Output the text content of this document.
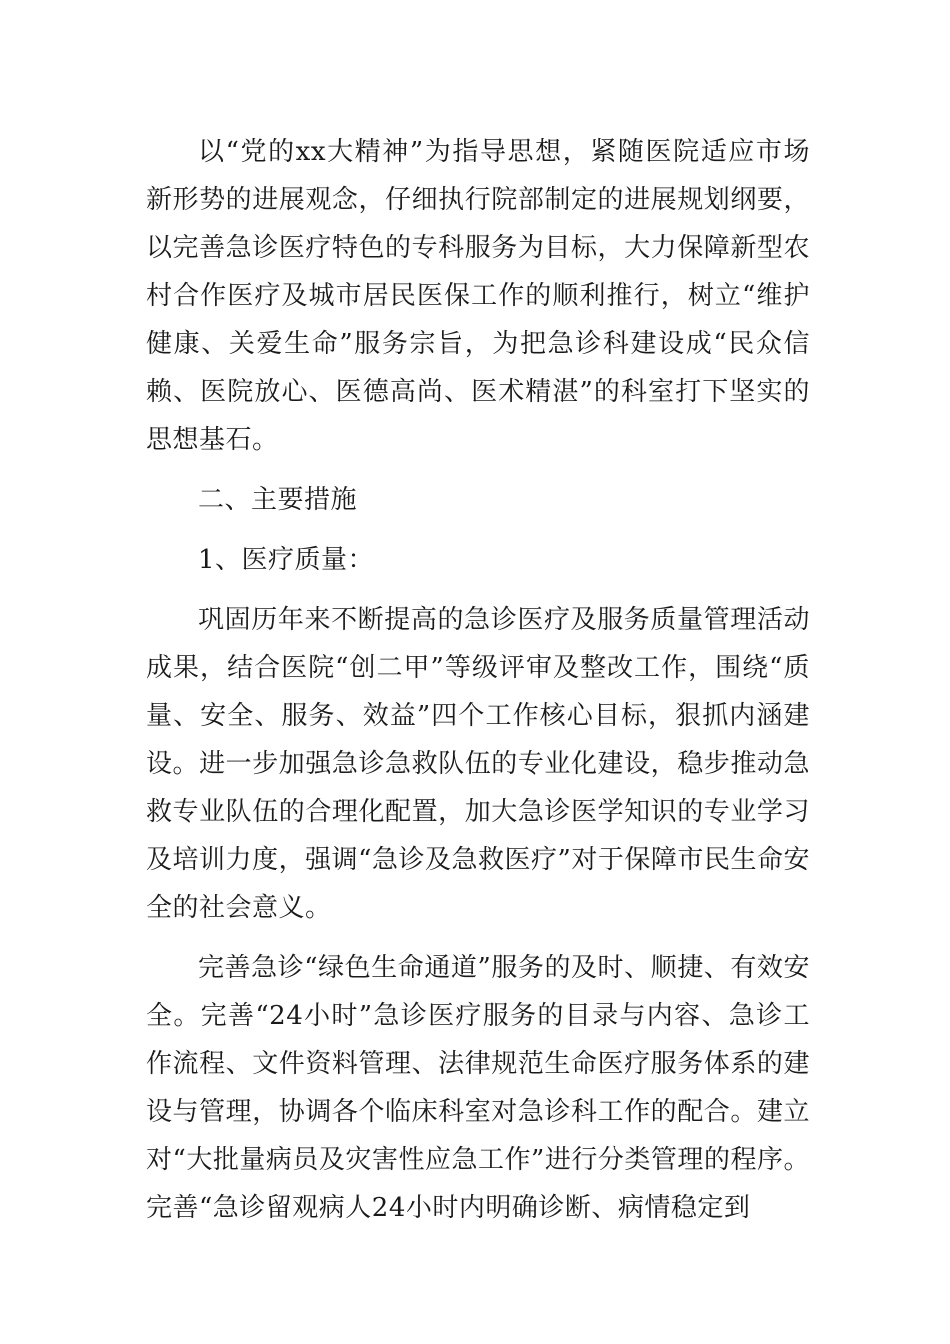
以“党的xx大精神”为指导思想，紧随医院适应市场新形势的进展观念，仔细执行院部制定的进展规划纲要，以完善急诊医疗特色的专科服务为目标，大力保障新型农村合作医疗及城市居民医保工作的顺利推行，树立“维护健康、关爱生命”服务宗旨，为把急诊科建设成“民众信赖、医院放心、医德高尚、医术精湛”的科室打下坚实的思想基石。

二、主要措施

1、医疗质量：

巩固历年来不断提高的急诊医疗及服务质量管理活动成果，结合医院“创二甲”等级评审及整改工作，围绕“质量、安全、服务、效益”四个工作核心目标，狠抓内涵建设。进一步加强急诊急救队伍的专业化建设，稳步推动急救专业队伍的合理化配置，加大急诊医学知识的专业学习及培训力度，强调“急诊及急救医疗”对于保障市民生命安全的社会意义。

完善急诊“绿色生命通道”服务的及时、顺捷、有效安全。完善“24小时”急诊医疗服务的目录与内容、急诊工作流程、文件资料管理、法律规范生命医疗服务体系的建设与管理，协调各个临床科室对急诊科工作的配合。建立对“大批量病员及灾害性应急工作”进行分类管理的程序。完善“急诊留观病人24小时内明确诊断、病情稳定到
